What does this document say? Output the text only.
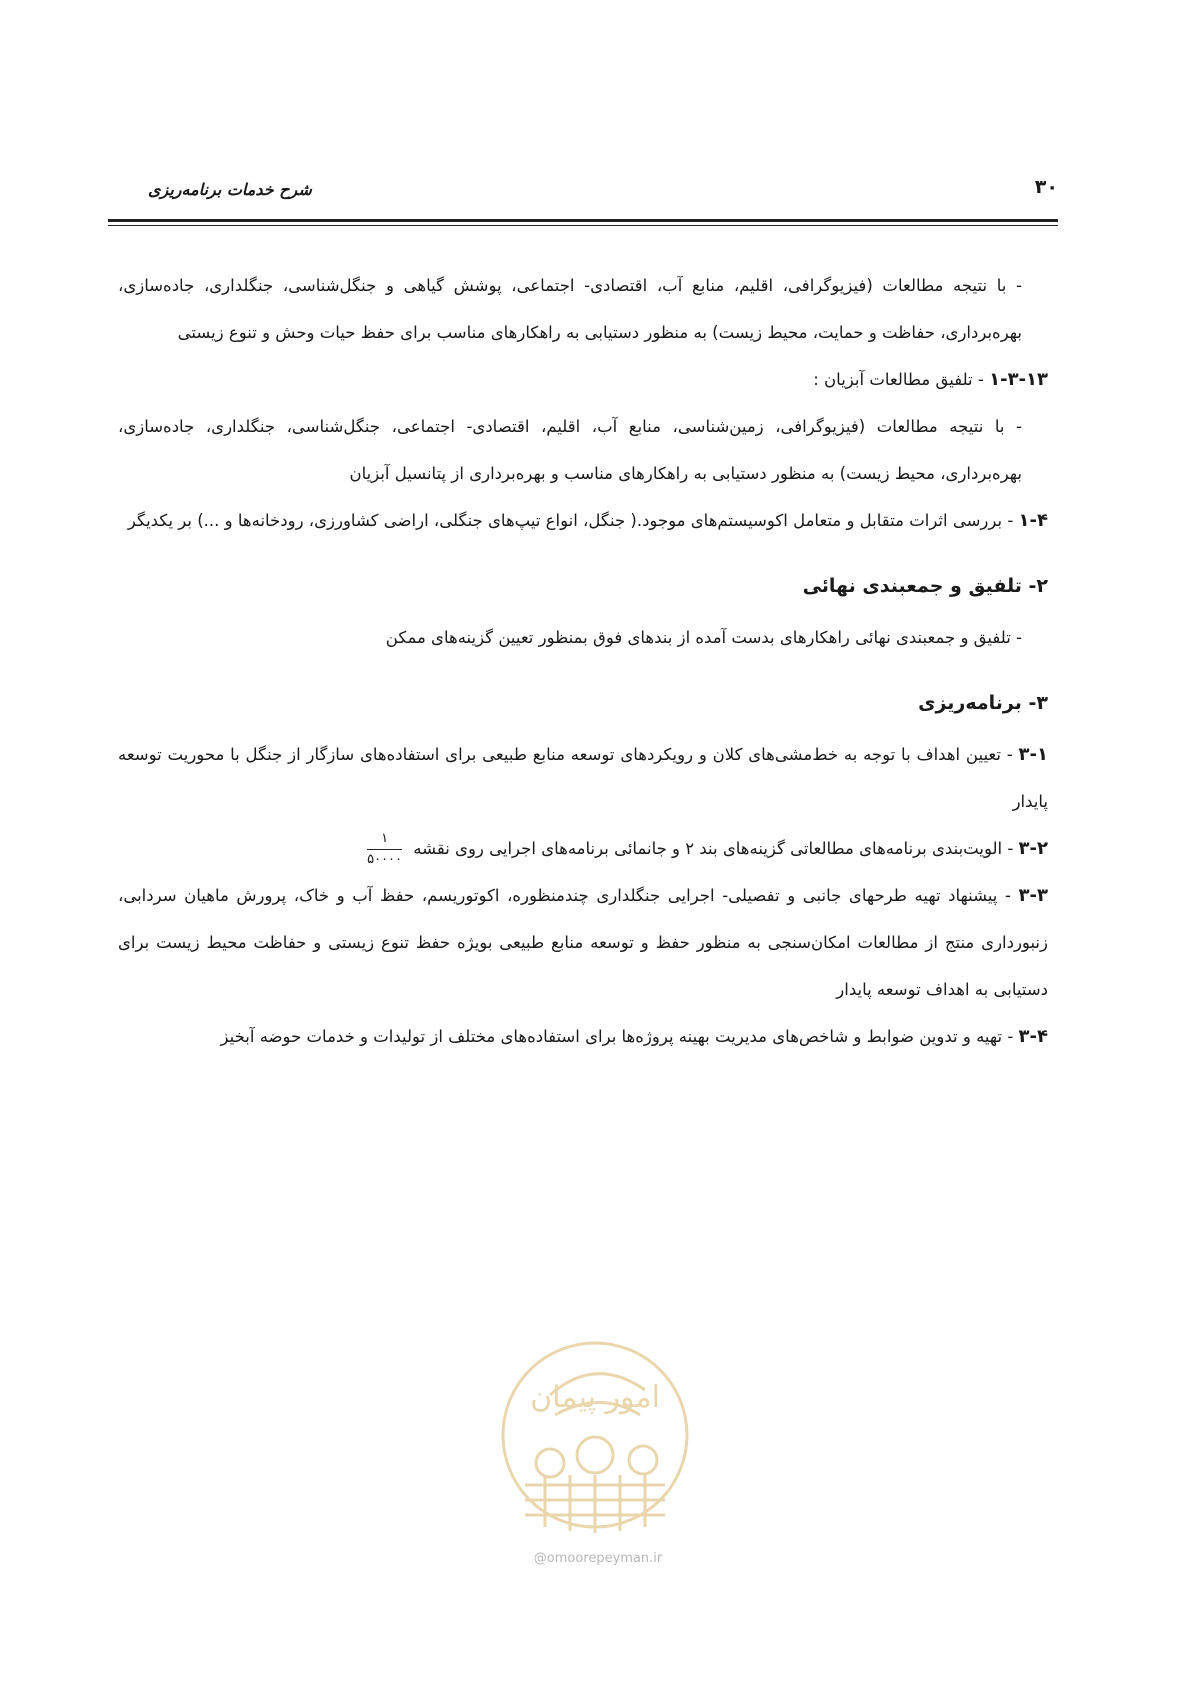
۳۰
شرح خدمات برنامه‌ریزی

- با نتیجه مطالعات (فیزیوگرافی، اقلیم، منابع آب، اقتصادی- اجتماعی، پوشش گیاهی و جنگل‌شناسی، جنگلداری، جاده‌سازی، بهره‌برداری، حفاظت و حمایت، محیط زیست) به منظور دستیابی به راهکارهای مناسب برای حفظ حیات وحش و تنوع زیستی

۱-۳-۱۳ - تلفیق مطالعات آبزیان :

- با نتیجه مطالعات (فیزیوگرافی، زمین‌شناسی، منابع آب، اقلیم، اقتصادی- اجتماعی، جنگل‌شناسی، جنگلداری، جاده‌سازی، بهره‌برداری، محیط زیست) به منظور دستیابی به راهکارهای مناسب و بهره‌برداری از پتانسیل آبزیان

۱-۴ - بررسی اثرات متقابل و متعامل اکوسیستم‌های موجود.( جنگل، انواع تیپ‌های جنگلی، اراضی کشاورزی، رودخانه‌ها و ...) بر یکدیگر

۲- تلفیق و جمعبندی نهائی

- تلفیق و جمعبندی نهائی راهکارهای بدست آمده از بندهای فوق بمنظور تعیین گزینه‌های ممکن

۳- برنامه‌ریزی

۳-۱ - تعیین اهداف با توجه به خط‌مشی‌های کلان و رویکردهای توسعه منابع طبیعی برای استفاده‌های سازگار از جنگل با محوریت توسعه پایدار

۳-۲ - الویت‌بندی برنامه‌های مطالعاتی گزینه‌های بند ۲ و جانمائی برنامه‌های اجرایی روی نقشه
$\frac{۱}{۵۰۰۰۰}$

۳-۳ - پیشنهاد تهیه طرحهای جانبی و تفصیلی- اجرایی جنگلداری چندمنظوره، اکوتوریسم، حفظ آب و خاک، پرورش ماهیان سردابی، زنبورداری منتج از مطالعات امکان‌سنجی به منظور حفظ و توسعه منابع طبیعی بویژه حفظ تنوع زیستی و حفاظت محیط زیست برای دستیابی به اهداف توسعه پایدار

۳-۴ - تهیه و تدوین ضوابط و شاخص‌های مدیریت بهینه پروژه‌ها برای استفاده‌های مختلف از تولیدات و خدمات حوضه آبخیز

امور پیمان
@omoorepeyman.ir
